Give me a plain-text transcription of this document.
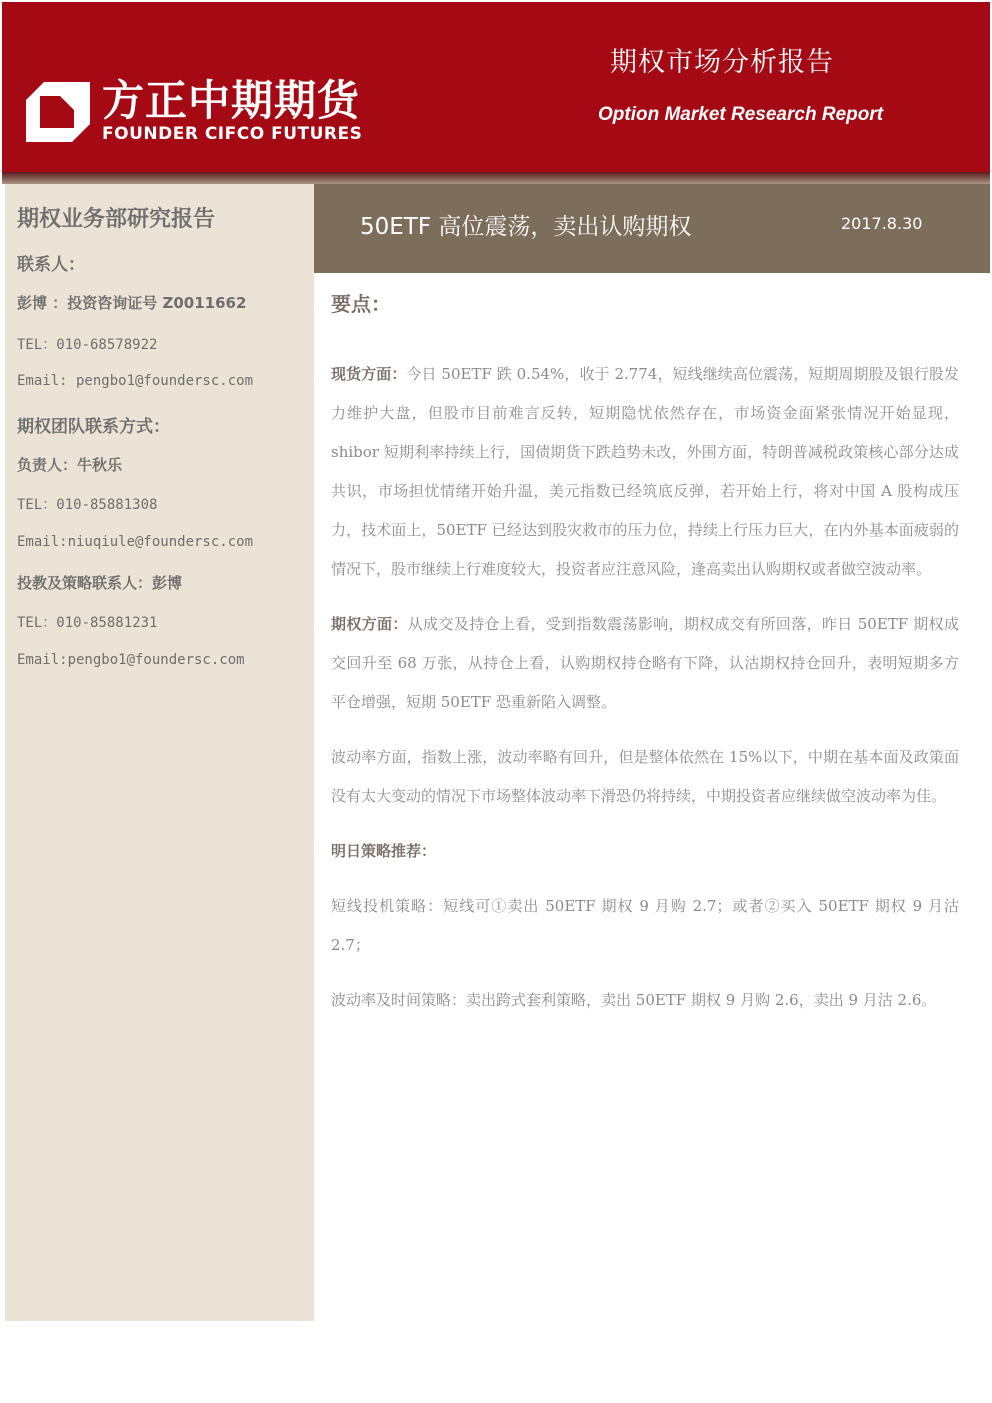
方正中期期货
FOUNDER CIFCO FUTURES
期权市场分析报告
Option Market Research Report
期权业务部研究报告
联系人：
彭博 ：投资咨询证号 Z0011662
TEL：010-68578922
Email: pengbo1@foundersc.com
期权团队联系方式：
负责人：牛秋乐
TEL：010-85881308
Email:niuqiule@foundersc.com
投教及策略联系人：彭博
TEL：010-85881231
Email:pengbo1@foundersc.com
50ETF 高位震荡，卖出认购期权	2017.8.30
要点：

现货方面：今日 50ETF 跌 0.54%，收于 2.774，短线继续高位震荡，短期周期股及银行股发力维护大盘，但股市目前难言反转，短期隐忧依然存在，市场资金面紧张情况开始显现，shibor 短期利率持续上行，国债期货下跌趋势未改，外围方面，特朗普减税政策核心部分达成共识，市场担忧情绪开始升温，美元指数已经筑底反弹，若开始上行，将对中国 A 股构成压力，技术面上，50ETF 已经达到股灾救市的压力位，持续上行压力巨大，在内外基本面疲弱的情况下，股市继续上行难度较大，投资者应注意风险，逢高卖出认购期权或者做空波动率。

期权方面：从成交及持仓上看，受到指数震荡影响，期权成交有所回落，昨日 50ETF 期权成交回升至 68 万张，从持仓上看，认购期权持仓略有下降，认沽期权持仓回升，表明短期多方平仓增强，短期 50ETF 恐重新陷入调整。

波动率方面，指数上涨，波动率略有回升，但是整体依然在 15%以下，中期在基本面及政策面没有太大变动的情况下市场整体波动率下滑恐仍将持续，中期投资者应继续做空波动率为佳。

明日策略推荐：

短线投机策略：短线可①卖出 50ETF 期权 9 月购 2.7；或者②买入 50ETF 期权 9 月沽 2.7；

波动率及时间策略：卖出跨式套利策略，卖出 50ETF 期权 9 月购 2.6，卖出 9 月沽 2.6。
